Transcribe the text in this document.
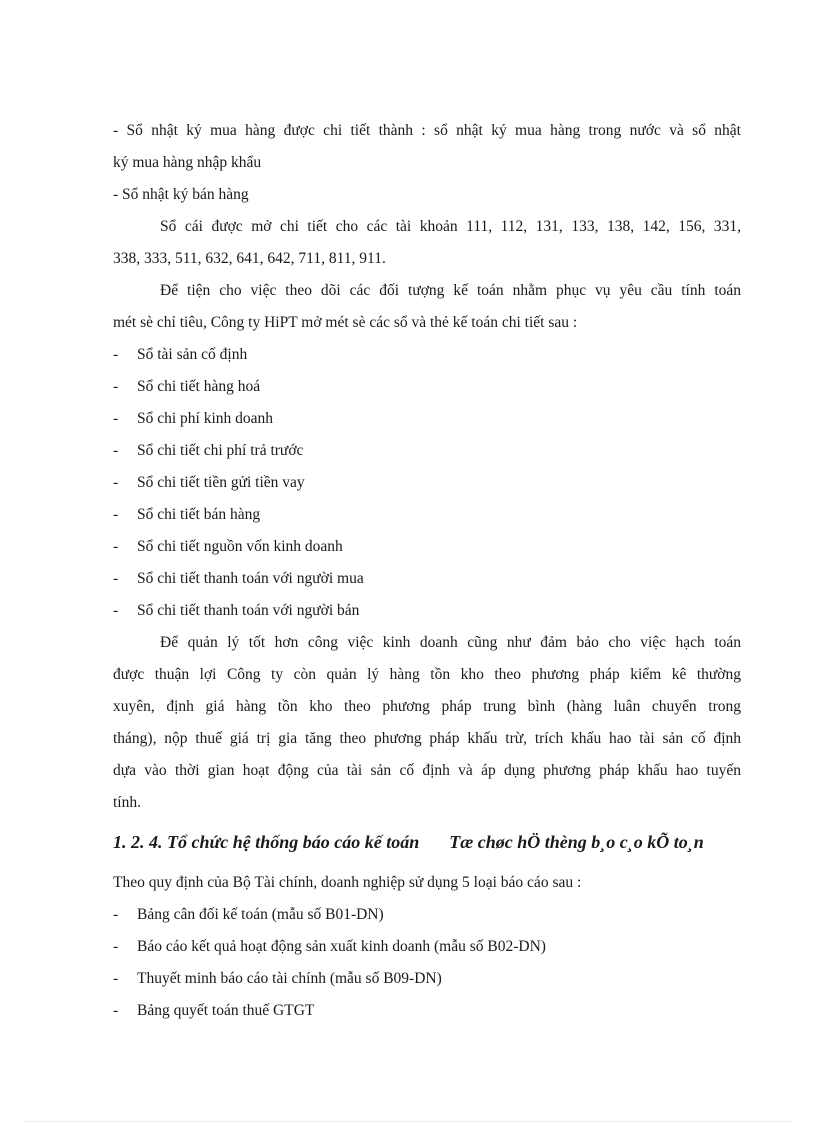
- Sổ nhật ký mua hàng được chi tiết thành : sổ nhật ký mua hàng trong nước và sổ nhật
ký mua hàng nhập khẩu
- Sổ nhật ký bán hàng
Sổ cái được mở chi tiết cho các tài khoản 111, 112, 131, 133, 138, 142, 156, 331,
338, 333, 511, 632, 641, 642, 711, 811, 911.
Để tiện cho việc theo dõi các đối tượng kế toán nhằm phục vụ yêu cầu tính toán
mét sè chỉ tiêu, Công ty HiPT mở mét sè các sổ và thẻ kế toán chi tiết sau :
- Sổ tài sản cố định
- Sổ chi tiết hàng hoá
- Sổ chi phí kinh doanh
- Sổ chi tiết chi phí trả trước
- Sổ chi tiết tiền gửi tiền vay
- Sổ chi tiết bán hàng
- Sổ chi tiết nguồn vốn kinh doanh
- Sổ chi tiết thanh toán với người mua
- Sổ chi tiết thanh toán với người bán
Để quản lý tốt hơn công việc kinh doanh cũng như đảm bảo cho việc hạch toán
được thuận lợi Công ty còn quản lý hàng tồn kho theo phương pháp kiểm kê thường
xuyên, định giá hàng tồn kho theo phương pháp trung bình (hàng luân chuyển trong
tháng), nộp thuế giá trị gia tăng theo phương pháp khấu trừ, trích khấu hao tài sản cố định
dựa vào thời gian hoạt động của tài sản cố định và áp dụng phương pháp khấu hao tuyến
tính.
1. 2. 4. Tổ chức hệ thống báo cáo kế toán Tæ chøc hÖ thèng b¸o c¸o kÕ to¸n
Theo quy định của Bộ Tài chính, doanh nghiệp sử dụng 5 loại báo cáo sau :
- Bảng cân đối kế toán (mẫu số B01-DN)
- Báo cáo kết quả hoạt động sản xuất kinh doanh (mẫu số B02-DN)
- Thuyết minh báo cáo tài chính (mẫu số B09-DN)
- Bảng quyết toán thuế GTGT
